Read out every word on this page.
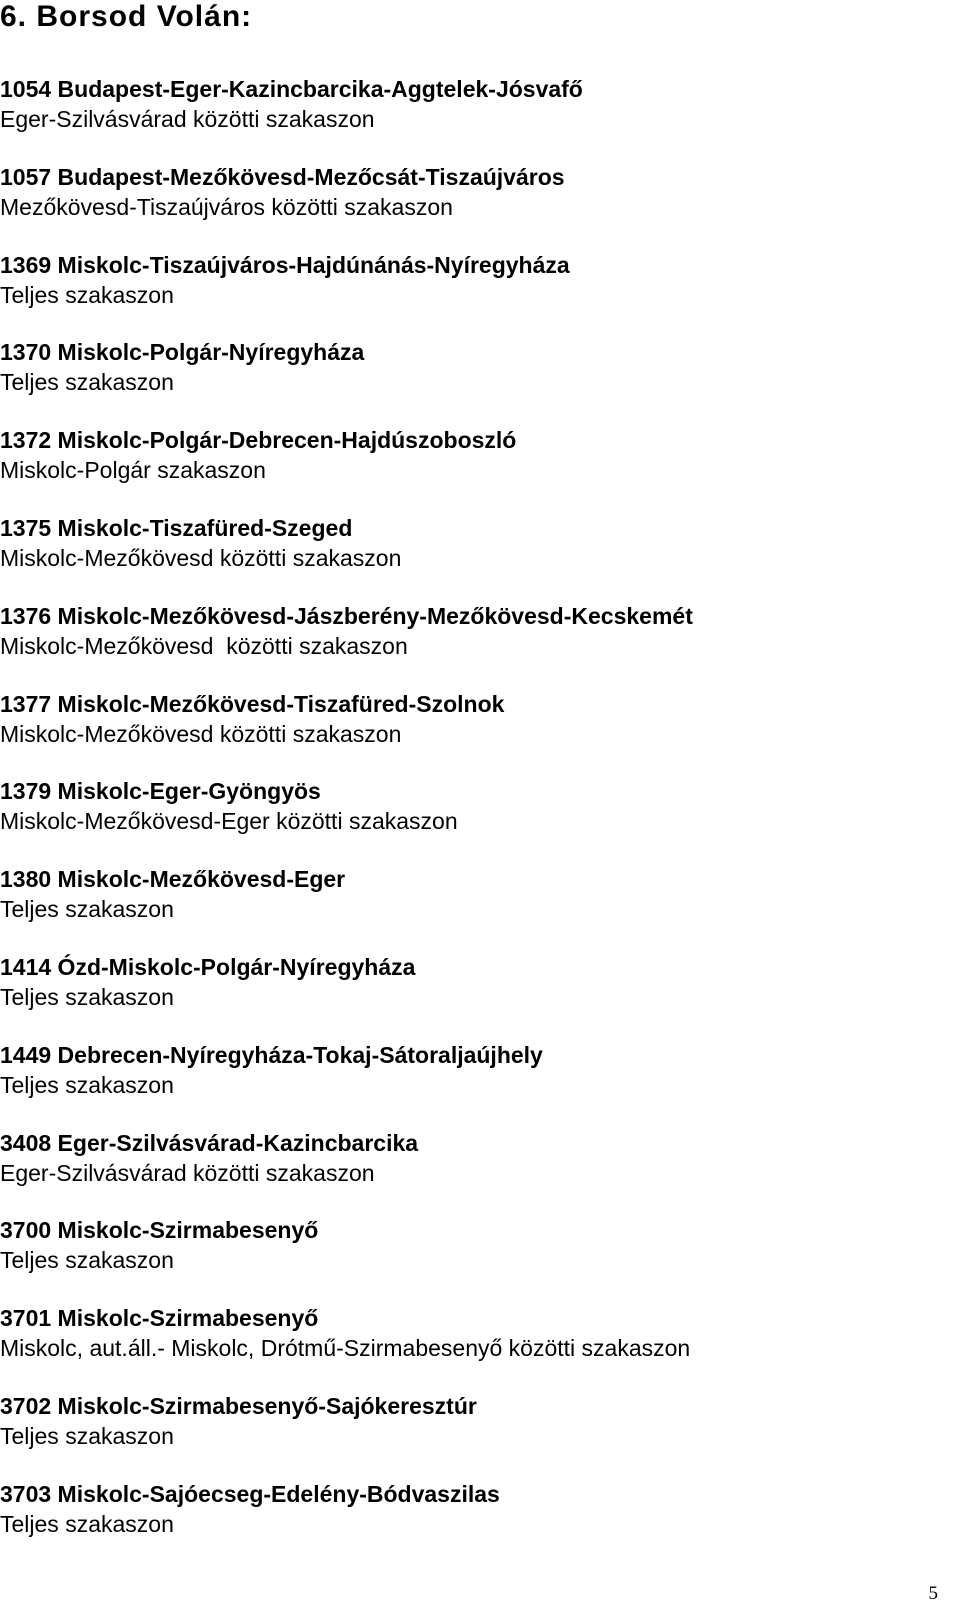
6. Borsod Volán:
1054 Budapest-Eger-Kazincbarcika-Aggtelek-Jósvafő
Eger-Szilvásvárad közötti szakaszon
1057 Budapest-Mezőkövesd-Mezőcsát-Tiszaújváros
Mezőkövesd-Tiszaújváros közötti szakaszon
1369 Miskolc-Tiszaújváros-Hajdúnánás-Nyíregyháza
Teljes szakaszon
1370 Miskolc-Polgár-Nyíregyháza
Teljes szakaszon
1372 Miskolc-Polgár-Debrecen-Hajdúszoboszló
Miskolc-Polgár szakaszon
1375 Miskolc-Tiszafüred-Szeged
Miskolc-Mezőkövesd közötti szakaszon
1376 Miskolc-Mezőkövesd-Jászberény-Mezőkövesd-Kecskemét
Miskolc-Mezőkövesd  közötti szakaszon
1377 Miskolc-Mezőkövesd-Tiszafüred-Szolnok
Miskolc-Mezőkövesd közötti szakaszon
1379 Miskolc-Eger-Gyöngyös
Miskolc-Mezőkövesd-Eger közötti szakaszon
1380 Miskolc-Mezőkövesd-Eger
Teljes szakaszon
1414 Ózd-Miskolc-Polgár-Nyíregyháza
Teljes szakaszon
1449 Debrecen-Nyíregyháza-Tokaj-Sátoraljaújhely
Teljes szakaszon
3408 Eger-Szilvásvárad-Kazincbarcika
Eger-Szilvásvárad közötti szakaszon
3700 Miskolc-Szirmabesenyő
Teljes szakaszon
3701 Miskolc-Szirmabesenyő
Miskolc, aut.áll.- Miskolc, Drótmű-Szirmabesenyő közötti szakaszon
3702 Miskolc-Szirmabesenyő-Sajókeresztúr
Teljes szakaszon
3703 Miskolc-Sajóecseg-Edelény-Bódvaszilas
Teljes szakaszon
5
